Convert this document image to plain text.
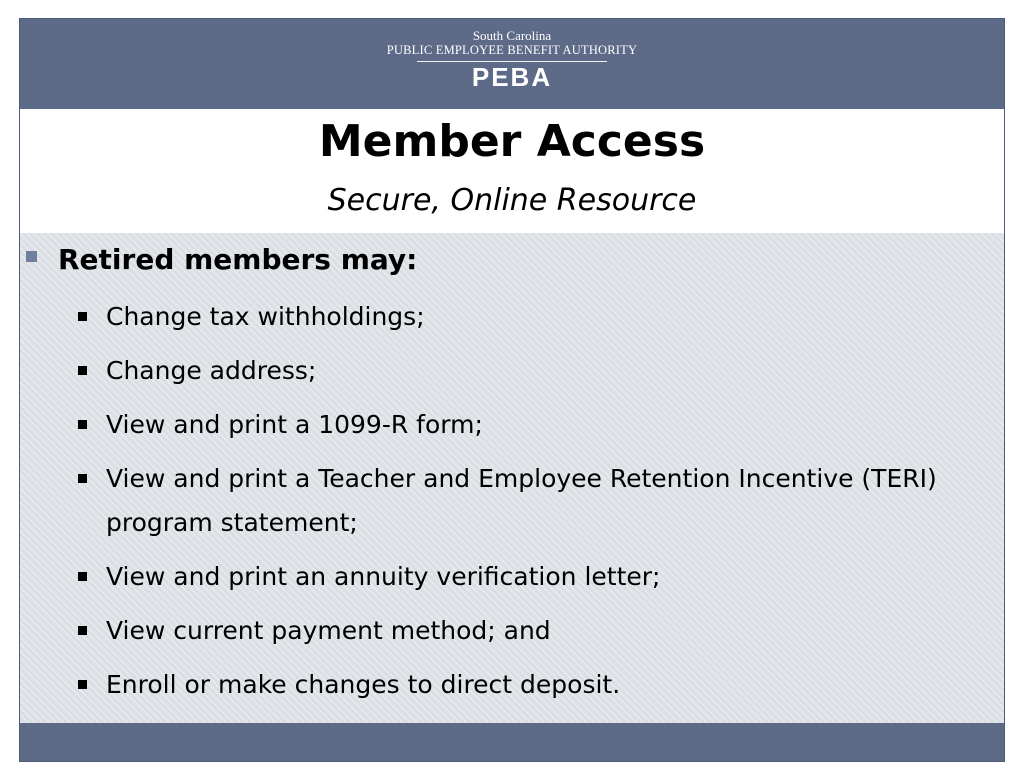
South Carolina
PUBLIC EMPLOYEE BENEFIT AUTHORITY
PEBA
Member Access
Secure, Online Resource
Retired members may:
Change tax withholdings;
Change address;
View and print a 1099-R form;
View and print a Teacher and Employee Retention Incentive (TERI) program statement;
View and print an annuity verification letter;
View current payment method; and
Enroll or make changes to direct deposit.
